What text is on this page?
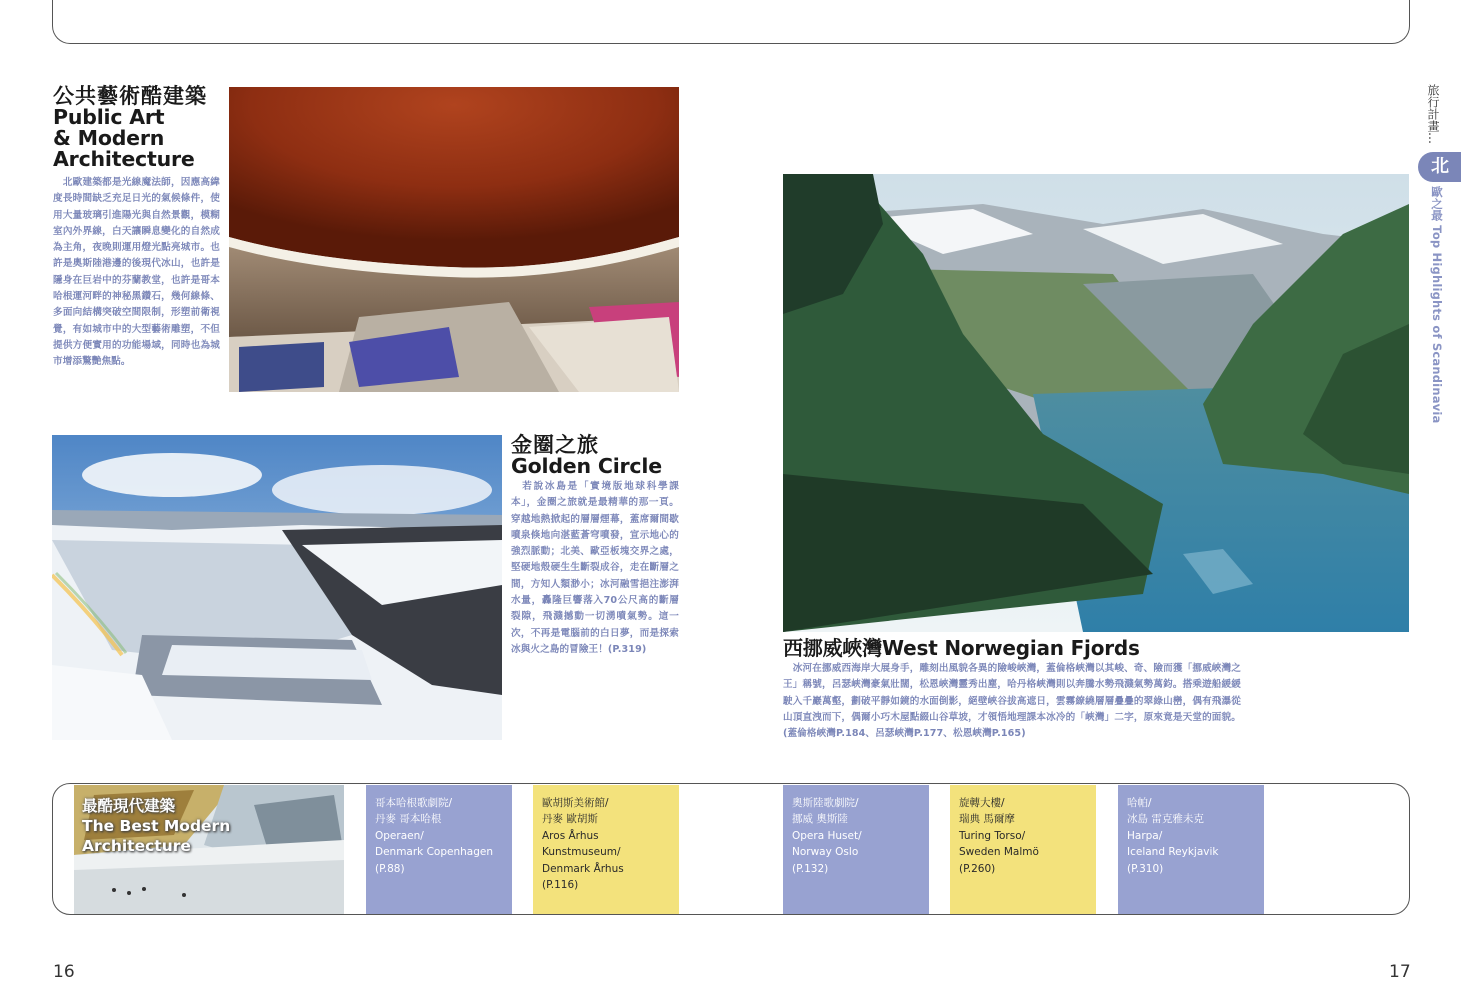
公共藝術酷建築
Public Art
& Modern
Architecture
　北歐建築都是光線魔法師，因應高緯度長時間缺乏充足日光的氣候條件，使用大量玻璃引進陽光與自然景觀，模糊室內外界線，白天讓瞬息變化的自然成為主角，夜晚則運用燈光點亮城市。也許是奧斯陸港邊的後現代冰山，也許是隱身在巨岩中的芬蘭教堂，也許是哥本哈根運河畔的神秘黑鑽石，幾何線條、多面向結構突破空間限制，形塑前衛視覺，有如城市中的大型藝術雕塑，不但提供方便實用的功能場域，同時也為城市增添驚艷焦點。
金圈之旅
Golden Circle
　若說冰島是「實境版地球科學課本」，金圈之旅就是最精華的那一頁。穿越地熱掀起的層層煙幕，蓋席爾間歇噴泉倏地向湛藍蒼穹噴發，宣示地心的強烈脈動；北美、歐亞板塊交界之處，堅硬地殼硬生生斷裂成谷，走在斷層之間，方知人類渺小；冰河融雪挹注澎湃水量，轟隆巨響落入70公尺高的斷層裂隙，飛濺撼動一切湧噴氣勢。這一次，不再是電腦前的白日夢，而是探索冰與火之島的冒險王！(P.319)	西挪威峽灣West Norwegian Fjords
　冰河在挪威西海岸大展身手，雕刻出風貌各異的險峻峽灣，蓋倫格峽灣以其峻、奇、險而獲「挪威峽灣之王」稱號，呂瑟峽灣豪氣壯闊，松恩峽灣靈秀出塵，哈丹格峽灣則以奔騰水勢飛濺氣勢萬鈞。搭乘遊船緩緩駛入千巖萬壑，劃破平靜如鏡的水面倒影，絕壁峽谷拔高遮日，雲霧繚繞層層疊疊的翠綠山巒，偶有飛瀑從山頂直洩而下，偶爾小巧木屋點綴山谷草坡，才領悟地理課本冰冷的「峽灣」二字，原來竟是天堂的面貌。(蓋倫格峽灣P.184、呂瑟峽灣P.177、松恩峽灣P.165)
旅行計畫…
北
歐之最 Top Highlights of Scandinavia
最酷現代建築
The Best Modern
Architecture
哥本哈根歌劇院/
丹麥 哥本哈根
Operaen/
Denmark Copenhagen
(P.88)
歐胡斯美術館/
丹麥 歐胡斯
Aros Århus
Kunstmuseum/
Denmark Århus
(P.116)
奧斯陸歌劇院/
挪威 奧斯陸
Opera Huset/
Norway Oslo
(P.132)
旋轉大樓/
瑞典 馬爾摩
Turing Torso/
Sweden Malmö
(P.260)
哈帕/
冰島 雷克雅未克
Harpa/
Iceland Reykjavik
(P.310)
16	17
